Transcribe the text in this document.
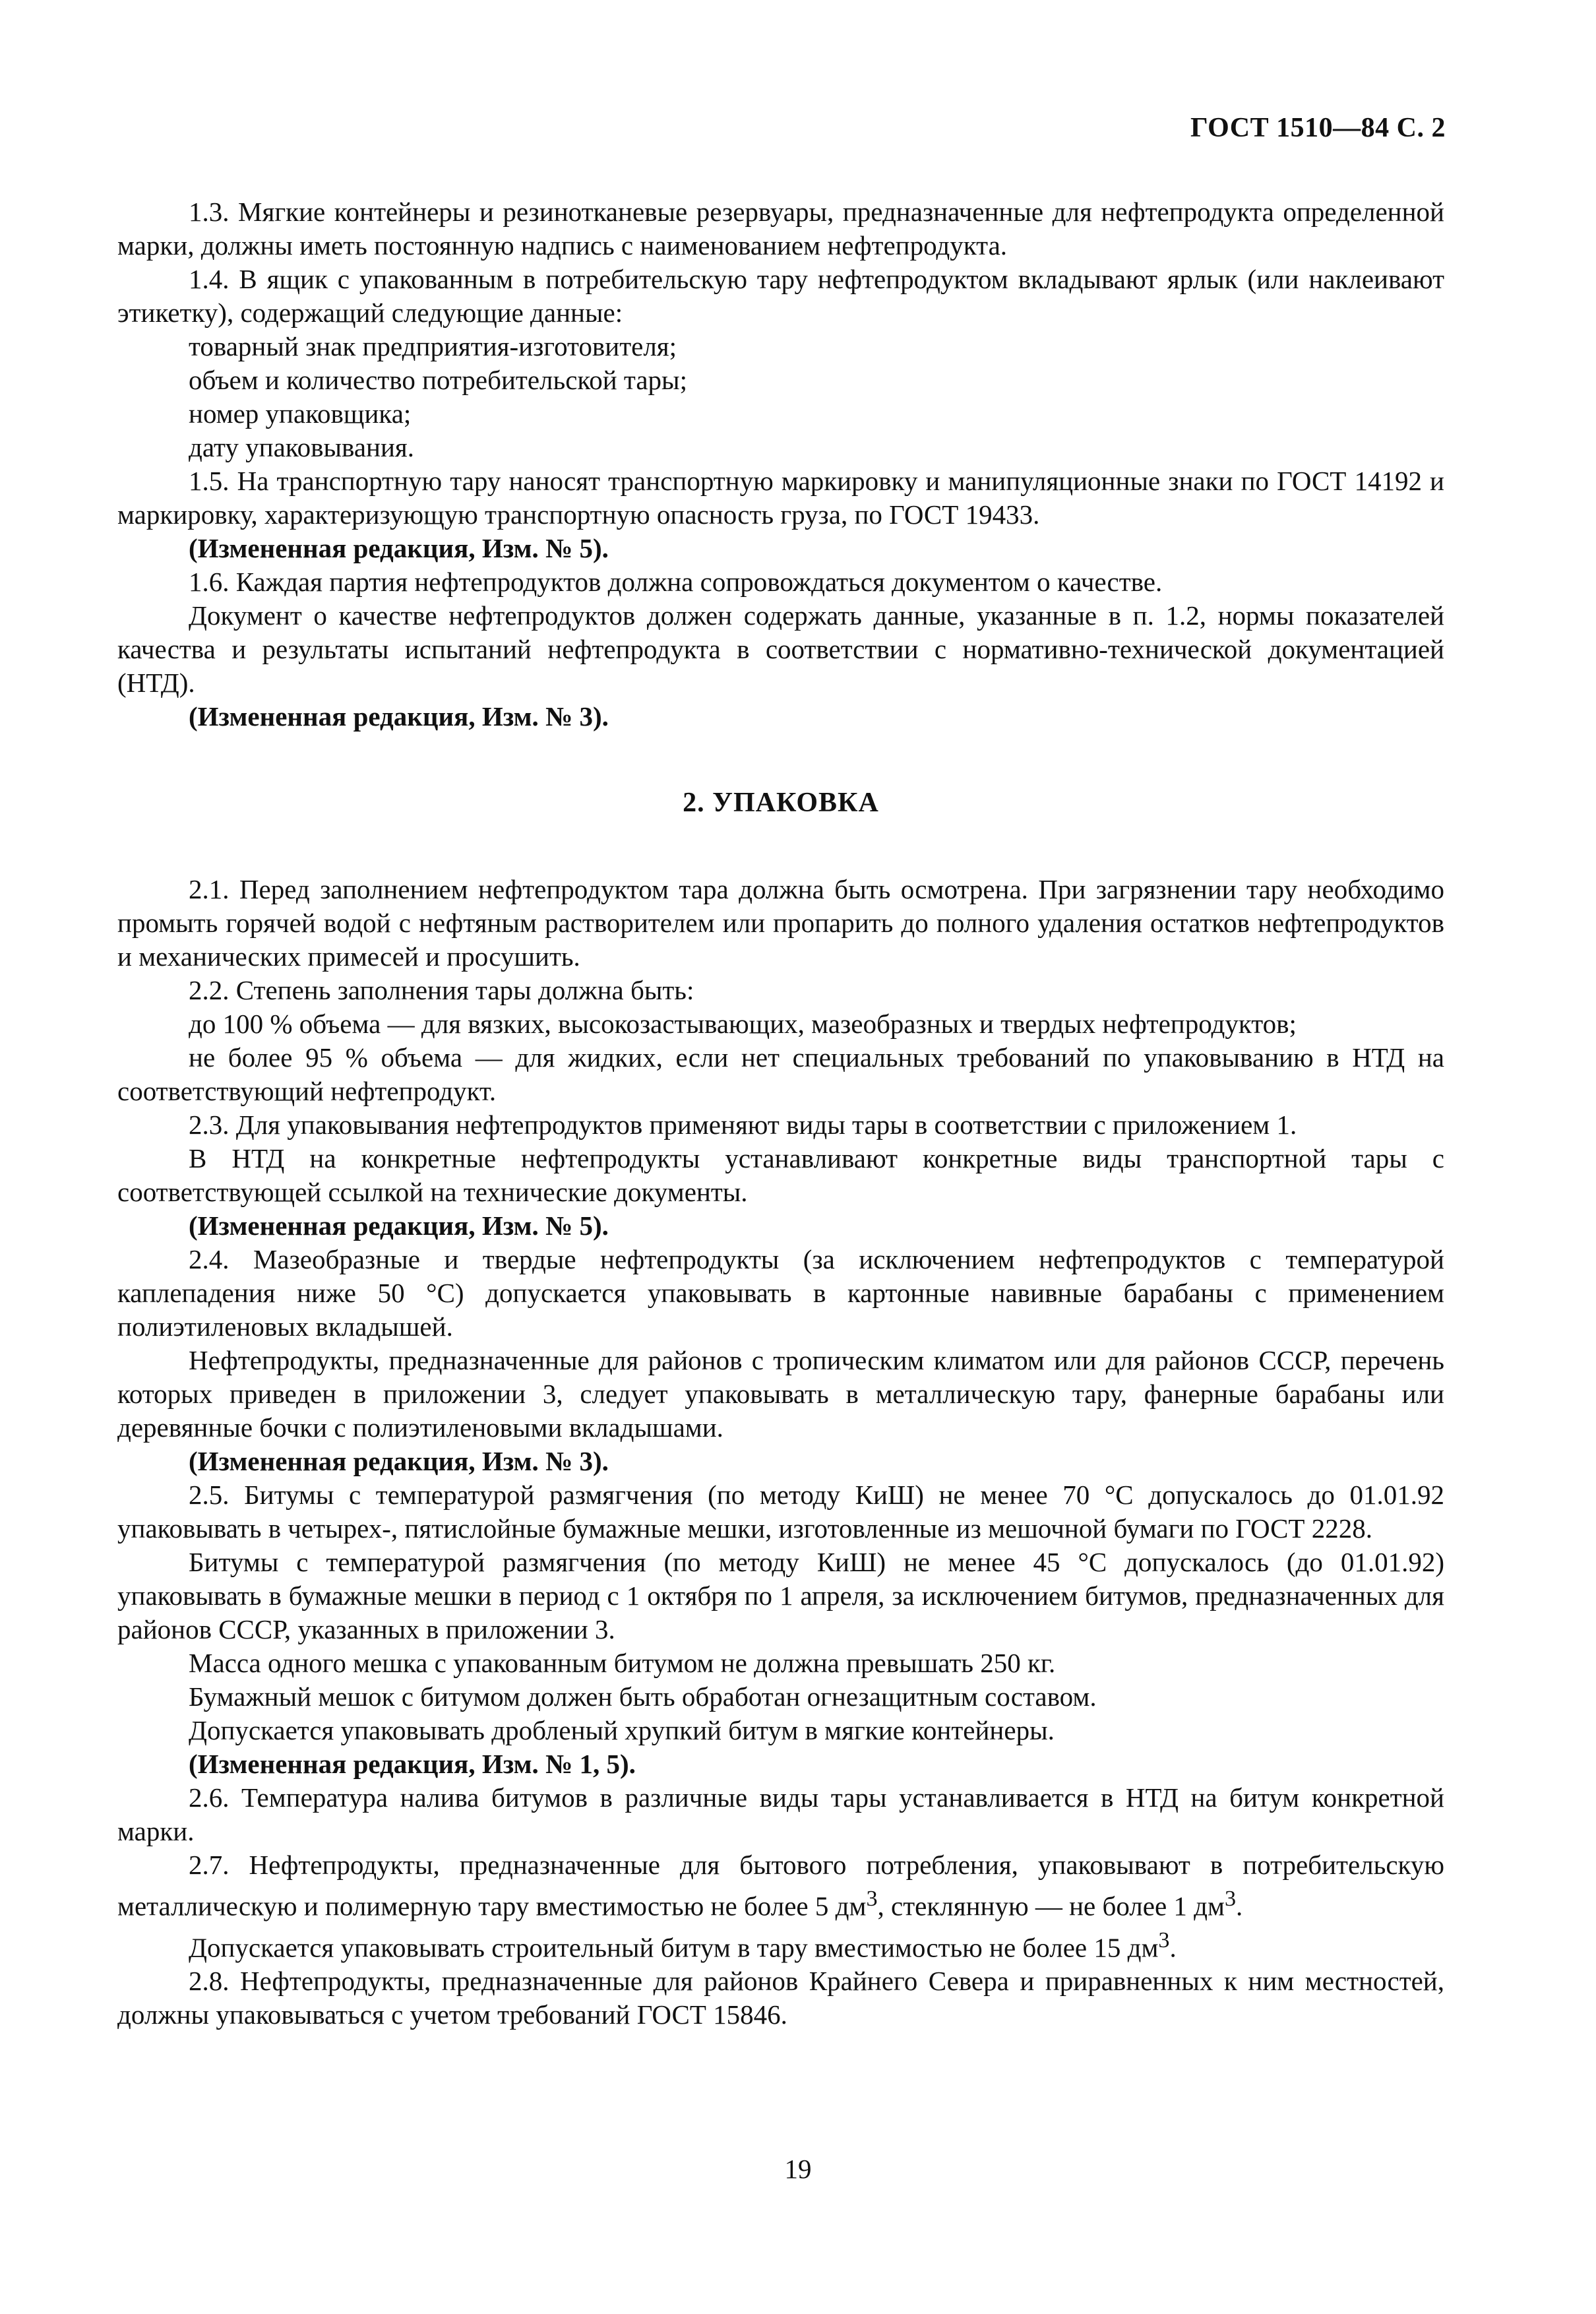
ГОСТ 1510—84 С. 2

1.3. Мягкие контейнеры и резинотканевые резервуары, предназначенные для нефтепродукта определенной марки, должны иметь постоянную надпись с наименованием нефтепродукта.

1.4. В ящик с упакованным в потребительскую тару нефтепродуктом вкладывают ярлык (или наклеивают этикетку), содержащий следующие данные:

товарный знак предприятия-изготовителя;

объем и количество потребительской тары;

номер упаковщика;

дату упаковывания.

1.5. На транспортную тару наносят транспортную маркировку и манипуляционные знаки по ГОСТ 14192 и маркировку, характеризующую транспортную опасность груза, по ГОСТ 19433.

(Измененная редакция, Изм. № 5).

1.6. Каждая партия нефтепродуктов должна сопровождаться документом о качестве.

Документ о качестве нефтепродуктов должен содержать данные, указанные в п. 1.2, нормы показателей качества и результаты испытаний нефтепродукта в соответствии с нормативно-технической документацией (НТД).

(Измененная редакция, Изм. № 3).

2. УПАКОВКА

2.1. Перед заполнением нефтепродуктом тара должна быть осмотрена. При загрязнении тару необходимо промыть горячей водой с нефтяным растворителем или пропарить до полного удаления остатков нефтепродуктов и механических примесей и просушить.

2.2. Степень заполнения тары должна быть:

до 100 % объема — для вязких, высокозастывающих, мазеобразных и твердых нефтепродуктов;

не более 95 % объема — для жидких, если нет специальных требований по упаковыванию в НТД на соответствующий нефтепродукт.

2.3. Для упаковывания нефтепродуктов применяют виды тары в соответствии с приложением 1.

В НТД на конкретные нефтепродукты устанавливают конкретные виды транспортной тары с соответствующей ссылкой на технические документы.

(Измененная редакция, Изм. № 5).

2.4. Мазеобразные и твердые нефтепродукты (за исключением нефтепродуктов с температурой каплепадения ниже 50 °С) допускается упаковывать в картонные навивные барабаны с применением полиэтиленовых вкладышей.

Нефтепродукты, предназначенные для районов с тропическим климатом или для районов СССР, перечень которых приведен в приложении 3, следует упаковывать в металлическую тару, фанерные барабаны или деревянные бочки с полиэтиленовыми вкладышами.

(Измененная редакция, Изм. № 3).

2.5. Битумы с температурой размягчения (по методу КиШ) не менее 70 °С допускалось до 01.01.92 упаковывать в четырех-, пятислойные бумажные мешки, изготовленные из мешочной бумаги по ГОСТ 2228.

Битумы с температурой размягчения (по методу КиШ) не менее 45 °С допускалось (до 01.01.92) упаковывать в бумажные мешки в период с 1 октября по 1 апреля, за исключением битумов, предназначенных для районов СССР, указанных в приложении 3.

Масса одного мешка с упакованным битумом не должна превышать 250 кг.

Бумажный мешок с битумом должен быть обработан огнезащитным составом.

Допускается упаковывать дробленый хрупкий битум в мягкие контейнеры.

(Измененная редакция, Изм. № 1, 5).

2.6. Температура налива битумов в различные виды тары устанавливается в НТД на битум конкретной марки.

2.7. Нефтепродукты, предназначенные для бытового потребления, упаковывают в потребительскую металлическую и полимерную тару вместимостью не более 5 $дм^3$, стеклянную — не более 1 $дм^3$.

Допускается упаковывать строительный битум в тару вместимостью не более 15 $дм^3$.

2.8. Нефтепродукты, предназначенные для районов Крайнего Севера и приравненных к ним местностей, должны упаковываться с учетом требований ГОСТ 15846.

19
